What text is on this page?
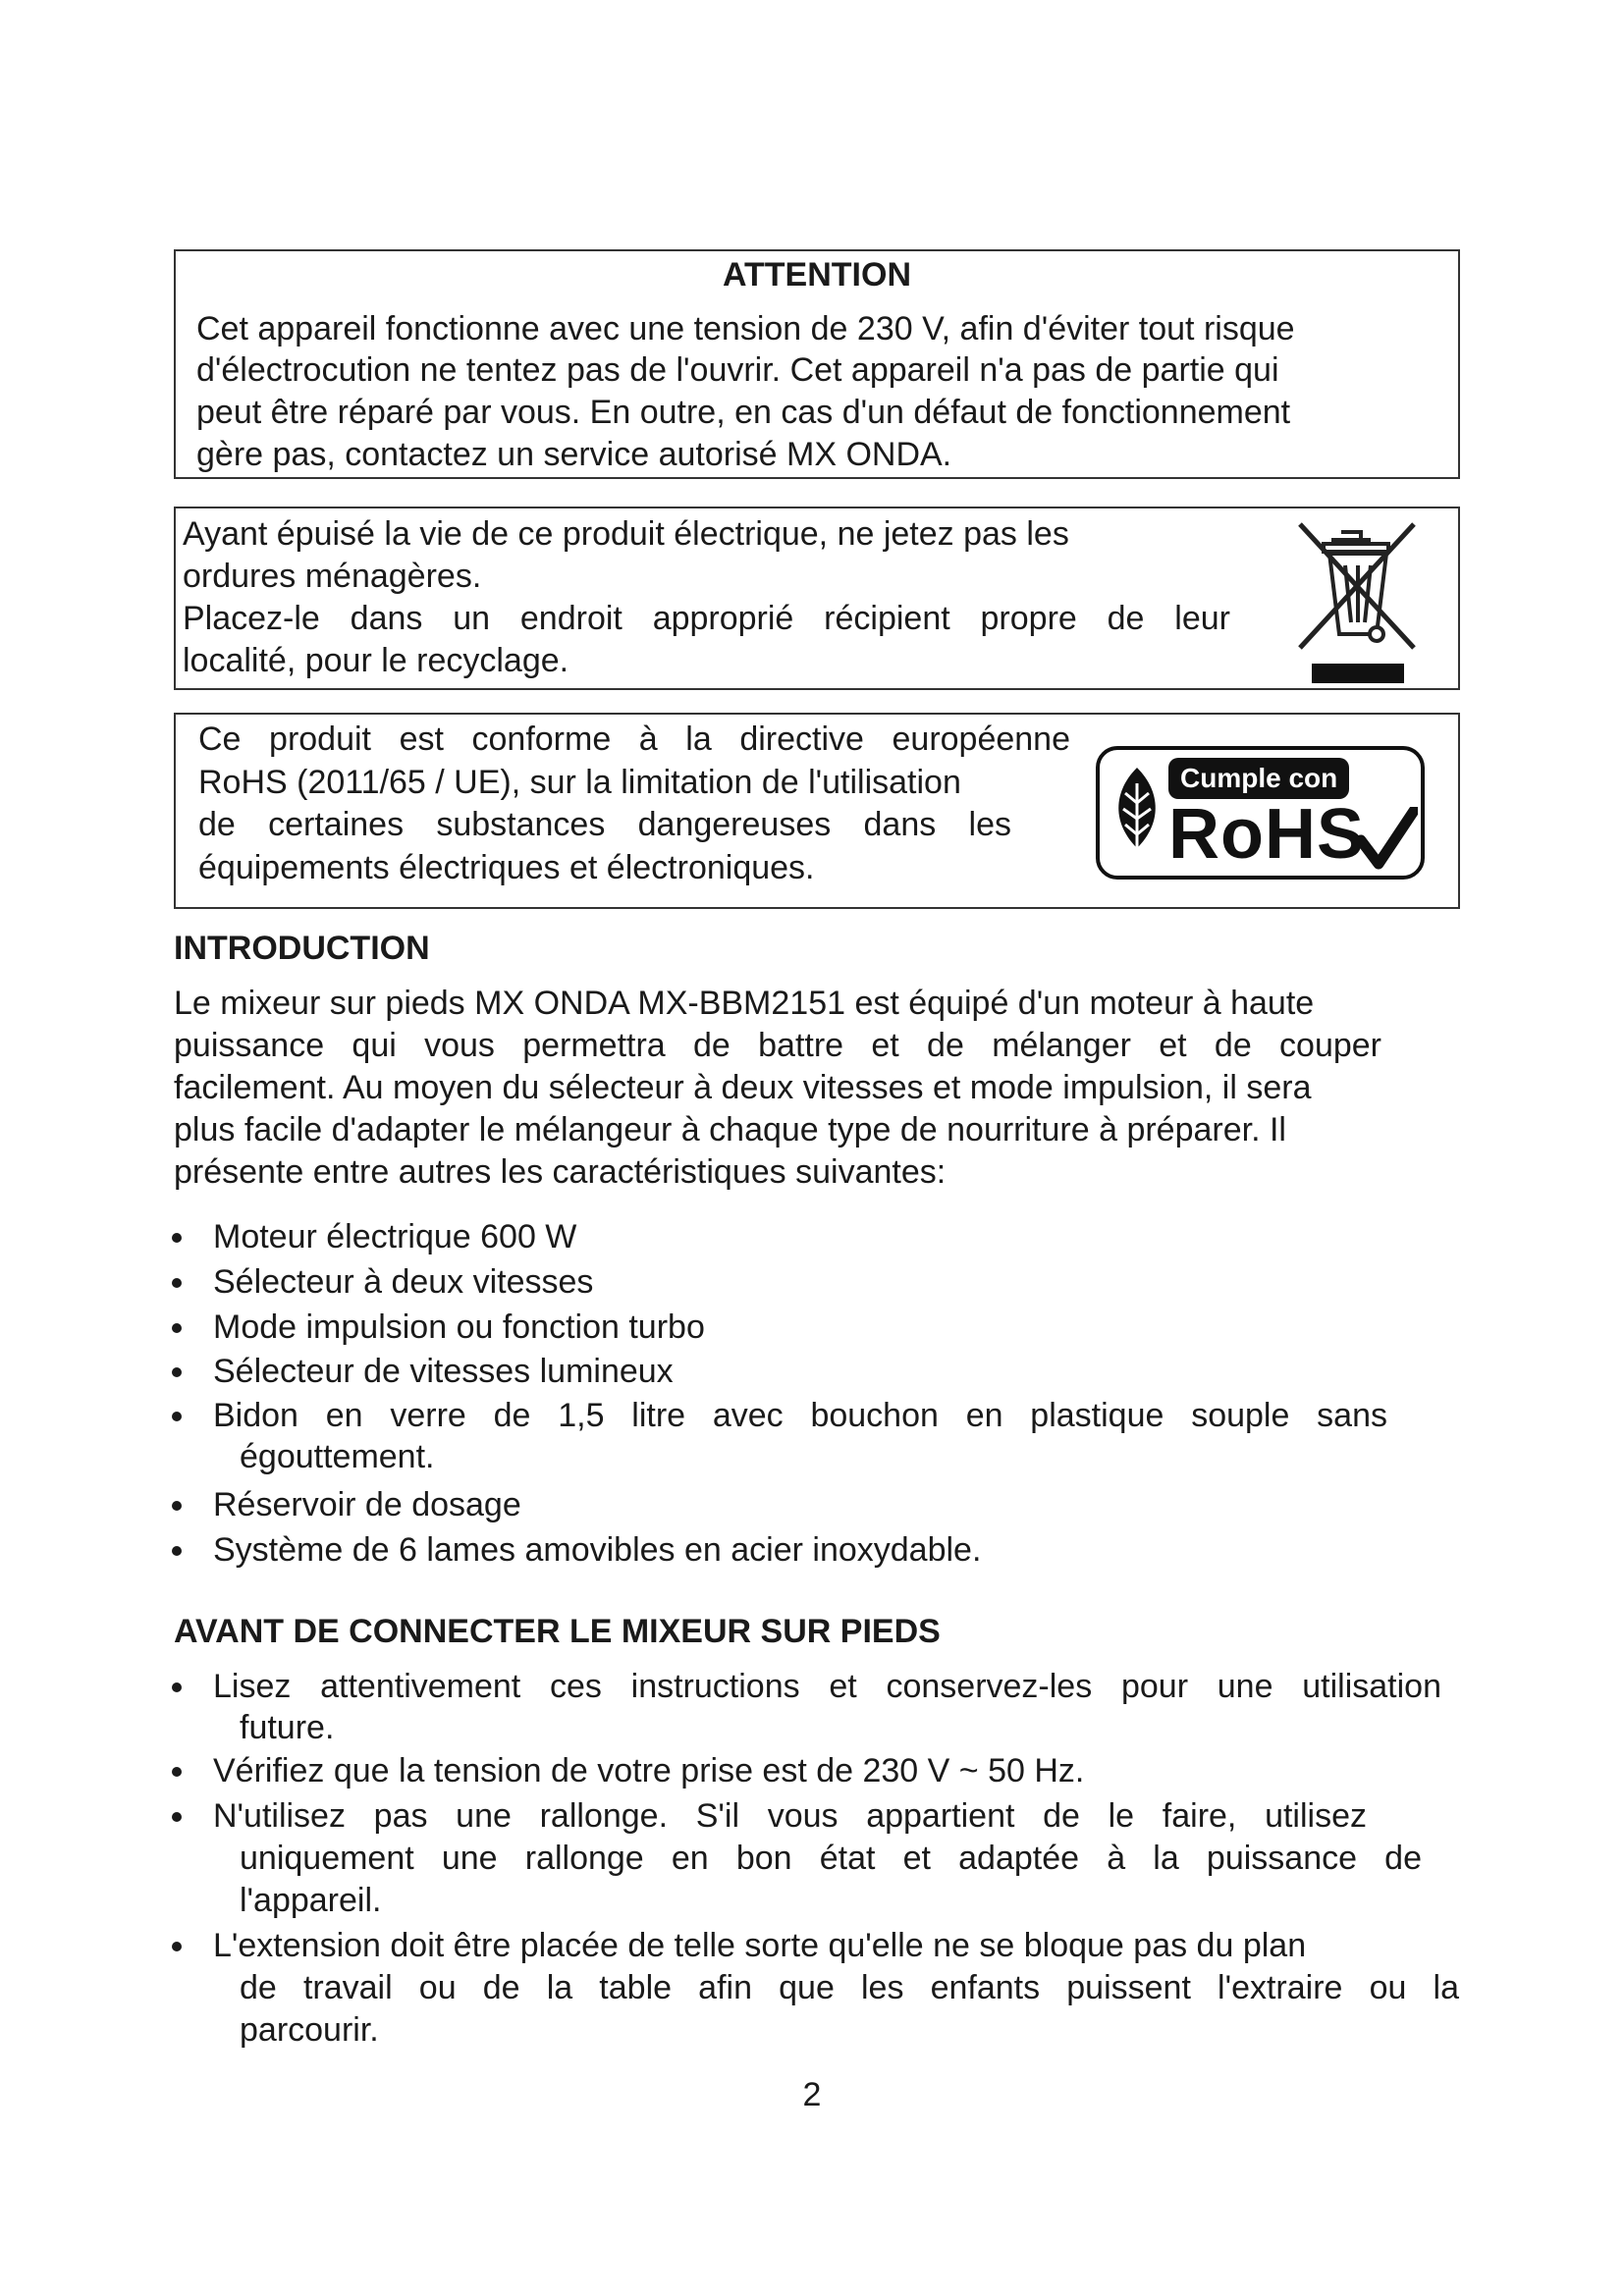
ATTENTION
Cet appareil fonctionne avec une tension de 230 V, afin d'éviter tout risque
d'électrocution ne tentez pas de l'ouvrir. Cet appareil n'a pas de partie qui
peut être réparé par vous. En outre, en cas d'un défaut de fonctionnement
gère pas, contactez un service autorisé MX ONDA.
Ayant épuisé la vie de ce produit électrique, ne jetez pas les
ordures ménagères.
Placez-le dans un endroit approprié récipient propre de leur
localité, pour le recyclage.
Ce produit est conforme à la directive européenne
RoHS (2011/65 / UE), sur la limitation de l'utilisation
de certaines substances dangereuses dans les
équipements électriques et électroniques.
Cumple con
RoHS
INTRODUCTION
Le mixeur sur pieds MX ONDA MX-BBM2151 est équipé d'un moteur à haute
puissance qui vous permettra de battre et de mélanger et de couper
facilement. Au moyen du sélecteur à deux vitesses et mode impulsion, il sera
plus facile d'adapter le mélangeur à chaque type de nourriture à préparer. Il
présente entre autres les caractéristiques suivantes:
Moteur électrique 600 W
Sélecteur à deux vitesses
Mode impulsion ou fonction turbo
Sélecteur de vitesses lumineux
Bidon en verre de 1,5 litre avec bouchon en plastique souple sans
égouttement.
Réservoir de dosage
Système de 6 lames amovibles en acier inoxydable.
AVANT DE CONNECTER LE MIXEUR SUR PIEDS
Lisez attentivement ces instructions et conservez-les pour une utilisation
future.
Vérifiez que la tension de votre prise est de 230 V ~ 50 Hz.
N'utilisez pas une rallonge. S'il vous appartient de le faire, utilisez
uniquement une rallonge en bon état et adaptée à la puissance de
l'appareil.
L'extension doit être placée de telle sorte qu'elle ne se bloque pas du plan
de travail ou de la table afin que les enfants puissent l'extraire ou la
parcourir.
2
